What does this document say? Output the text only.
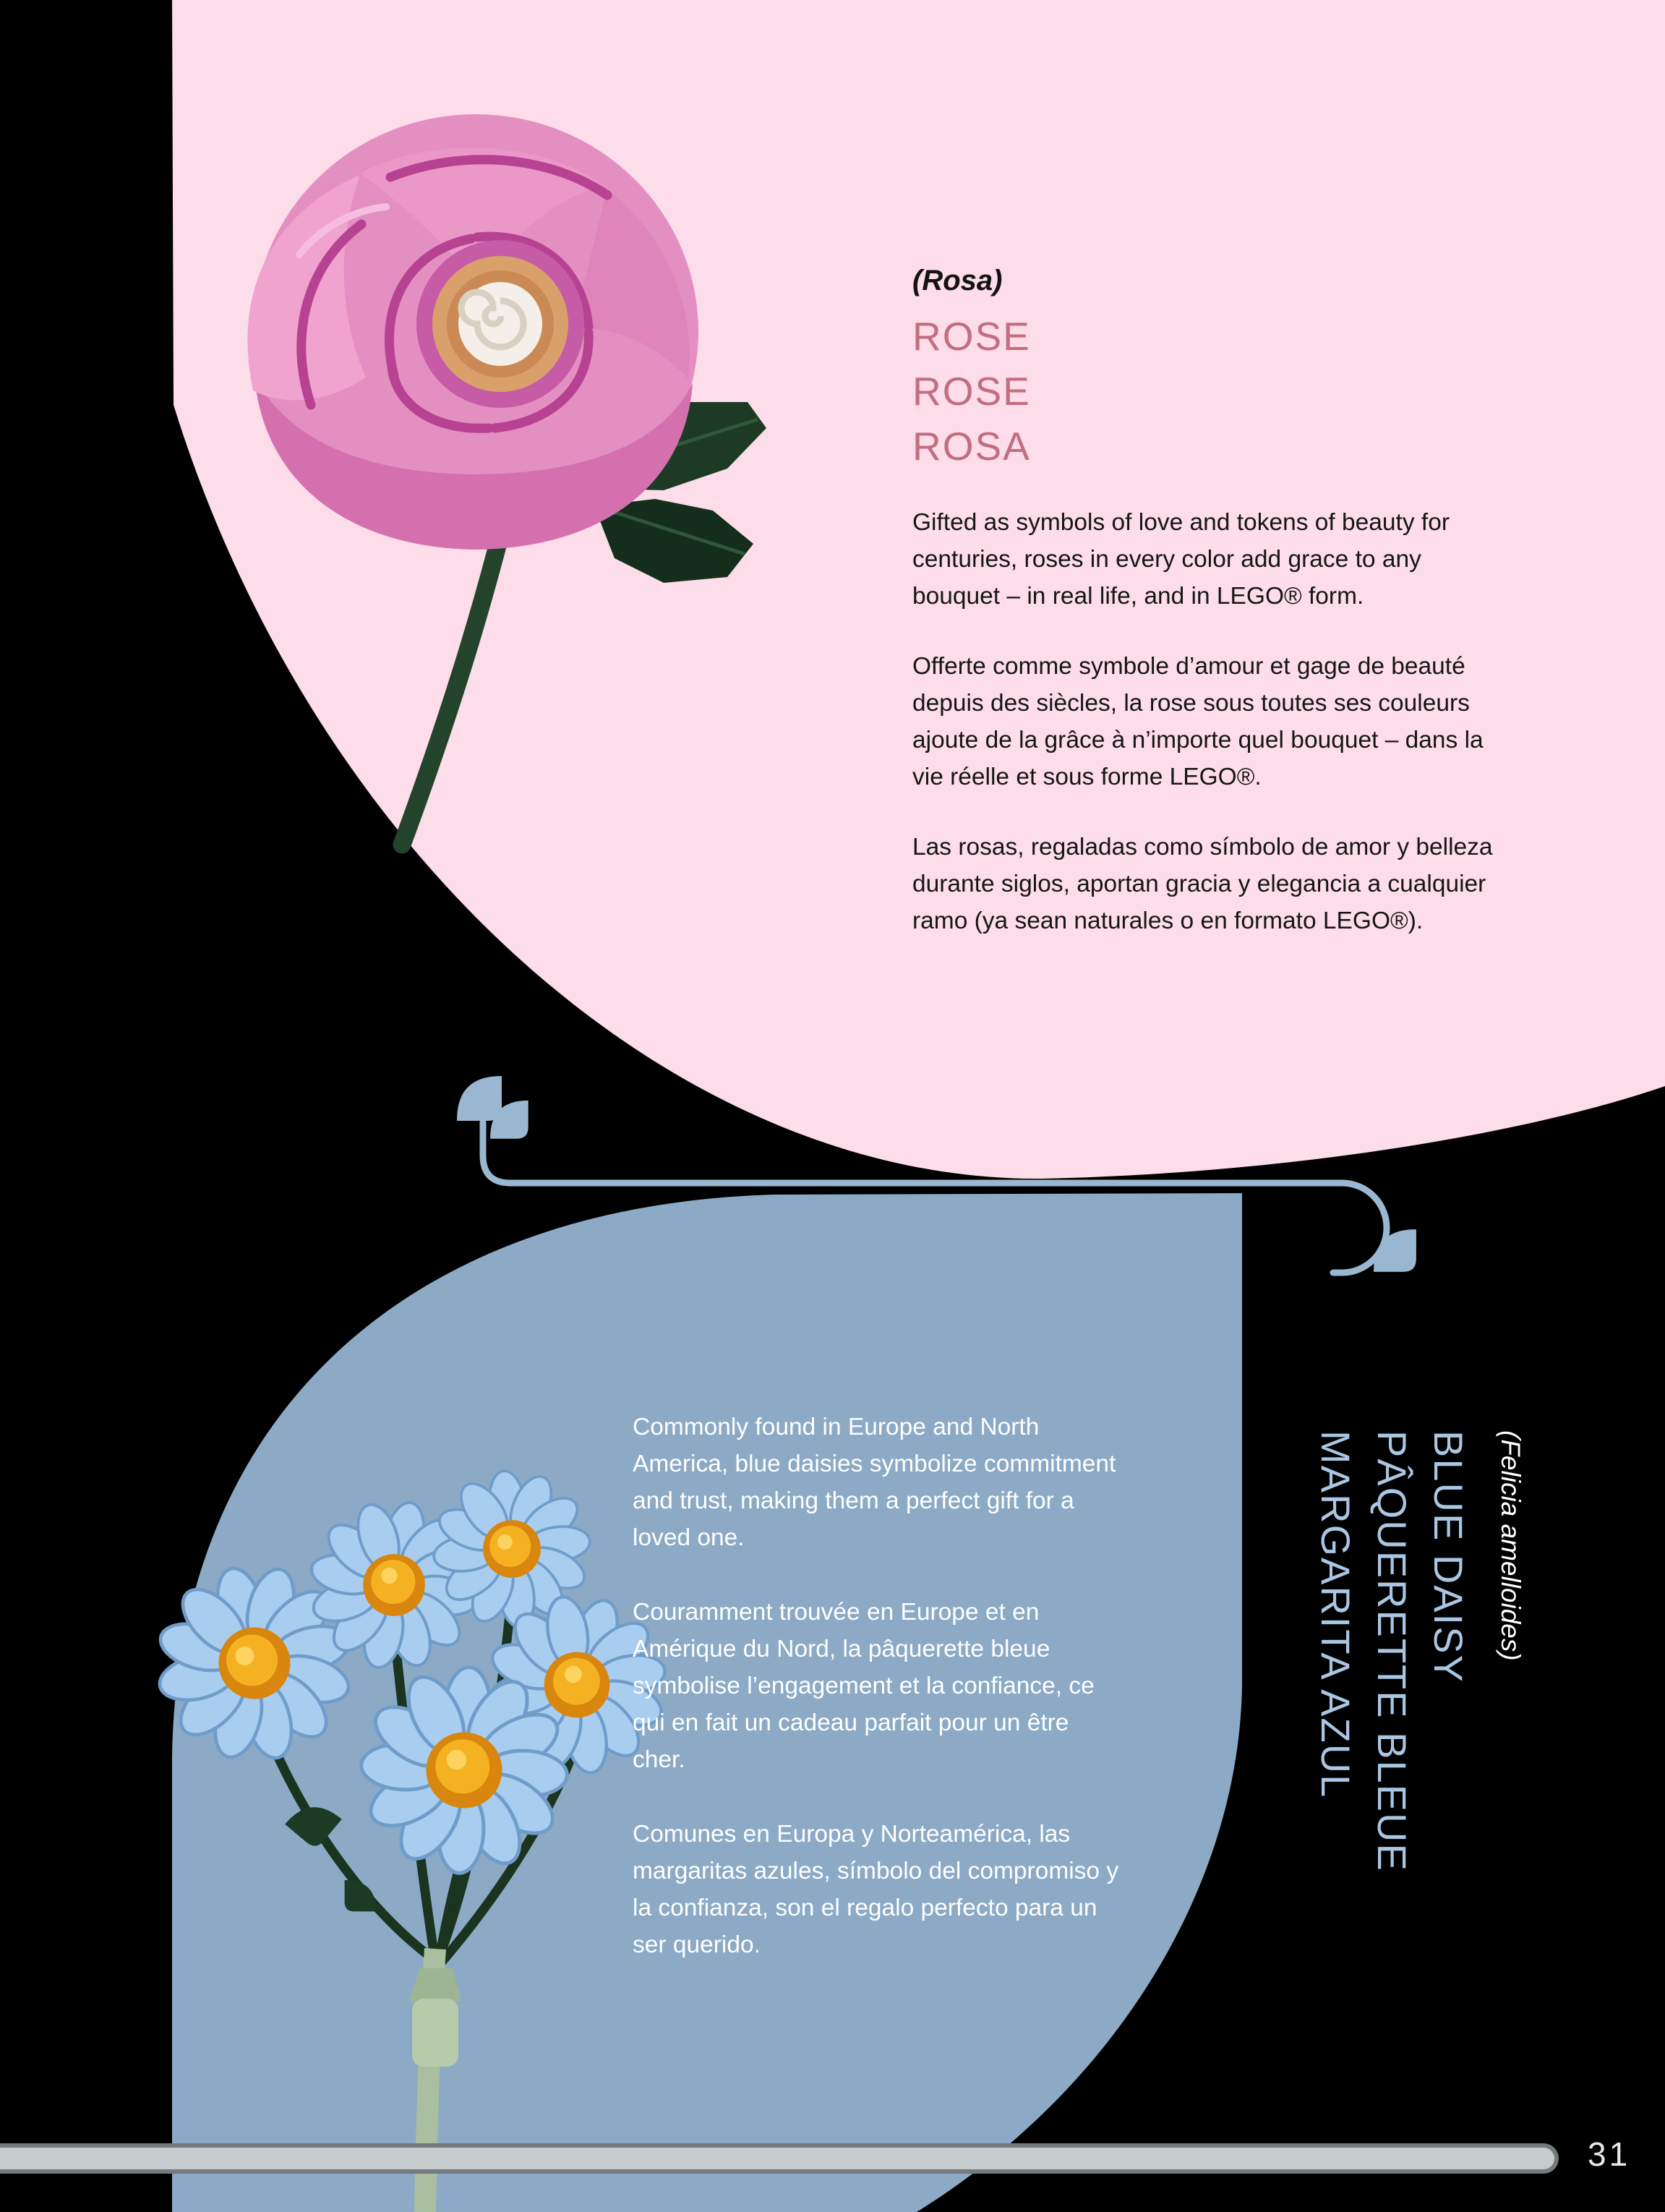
(Rosa)
ROSE
ROSE
ROSA

Gifted as symbols of love and tokens of beauty for centuries, roses in every color add grace to any bouquet – in real life, and in LEGO® form.

Offerte comme symbole d’amour et gage de beauté depuis des siècles, la rose sous toutes ses couleurs ajoute de la grâce à n’importe quel bouquet – dans la vie réelle et sous forme LEGO®.

Las rosas, regaladas como símbolo de amor y belleza durante siglos, aportan gracia y elegancia a cualquier ramo (ya sean naturales o en formato LEGO®).

Commonly found in Europe and North America, blue daisies symbolize commitment and trust, making them a perfect gift for a loved one.

Couramment trouvée en Europe et en Amérique du Nord, la pâquerette bleue symbolise l’engagement et la confiance, ce qui en fait un cadeau parfait pour un être cher.

Comunes en Europa y Norteamérica, las margaritas azules, símbolo del compromiso y la confianza, son el regalo perfecto para un ser querido.

(Felicia amelloides)
BLUE DAISY
PÂQUERETTE BLEUE
MARGARITA AZUL
31
